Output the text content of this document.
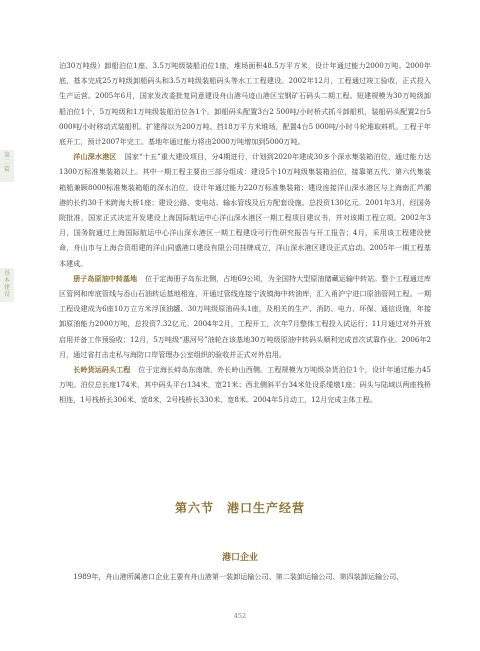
第二篇
基本建设

泊30万吨级）卸船泊位1座、3.5万吨级装船泊位1座，堆场面积48.5万平方米，设计年通过能力2000万吨。2000年底，基本完成25万吨级卸船码头和3.5万吨级装船码头等水工工程建设。2002年12月，工程通过竣工验收，正式投入生产运营。2005年6月，国家发改委批复同意建设舟山港马迹山港区宝钢矿石码头二期工程。短建规模为30万吨级卸船泊位1个，5万吨级和1万吨级装船泊位各1个。卸船码头配置3台2 500吨/小时桥式抓斗卸船机，装船码头配置2台5 000吨/小时移动式装船机。扩建得以为200万吨、挡18万平方米堆场，配置4台5 000吨/小时斗轮堆取料机。工程于年底开工，预计2007年完工。基地年通过能力将由2000万吨增加到5000万吨。

洋山深水港区 国家“十五”重大建设项目，分4期进行，计划到2020年建成30多个深水集装箱泊位，通过能力达1300万标准集装箱以上。其中一期工程主要由三部分组成：建设5个10万吨级集装箱泊位，接靠第五代、第六代集装箱船兼顾8000标准集装箱船的深水泊位，设计年通过能力220万标准集装箱；建设连接洋山深水港区与上海南汇芦潮港的长约30千米跨海大桥1座；建设公路、变电站、输水管线及后方配套设施。总投资130亿元。2001年3月，经国务院批准，国家正式决定开发建设上海国际航运中心洋山深水港区一期工程项目建议书，并对该期工程立项。2002年3月，国务院通过上海国际航运中心洋山深水港区一期工程建设可行性研究报告与开工报告；4月，采用该工程建设使命，舟山市与上海合资组建的洋山同盛港口建设有限公司挂牌成立，洋山深水港区建设正式启动。2005年一期工程基本建成。

册子岛原油中转基地 位于定海册子岛东北侧，占地69公顷，为全国特大型原油储藏运输中转站。整个工程通过库区管网和库底管线与岙山石油转运基地相连，开通过管线连接宁波镇海中转油库，汇入甬沪宁进口原油管网工程。一期工程设建成为6座10万立方米浮顶油罐、30万吨级原油码头1座，及相关的生产、消防、电力、环保、通信设施，年接卸原油能力2000万吨，总投资7.32亿元。2004年2月，工程开工，次年7月整体工程投入试运行；11月通过对外开放启用并备工作预验收；12月，5万吨级“惠河号”油轮在该基地30万吨级原油中转码头顺利完成首次试靠作业。2006年2月，通过省打击走私与海防口岸管理办公室组织的验收并正式对外启用。

长岭货运码头工程 位于定海长峙岛东南端，外长岭山西侧。工程规模为万吨级杂货泊位1个，设计年通过能力45万吨。泊位总长度174米，其中码头平台134米，宽21米；西北侧斜平台34米处设系缆墩1座；码头与陆域以两座栈桥相连，1号栈桥长306米、宽8米，2号栈桥长330米、宽8米。2004年5月动工，12月完成主体工程。

第六节　港口生产经营
港口企业
1989年，舟山港所属港口企业主要有舟山港第一装卸运输公司、第二装卸运输公司、第四装卸运输公司、
452
